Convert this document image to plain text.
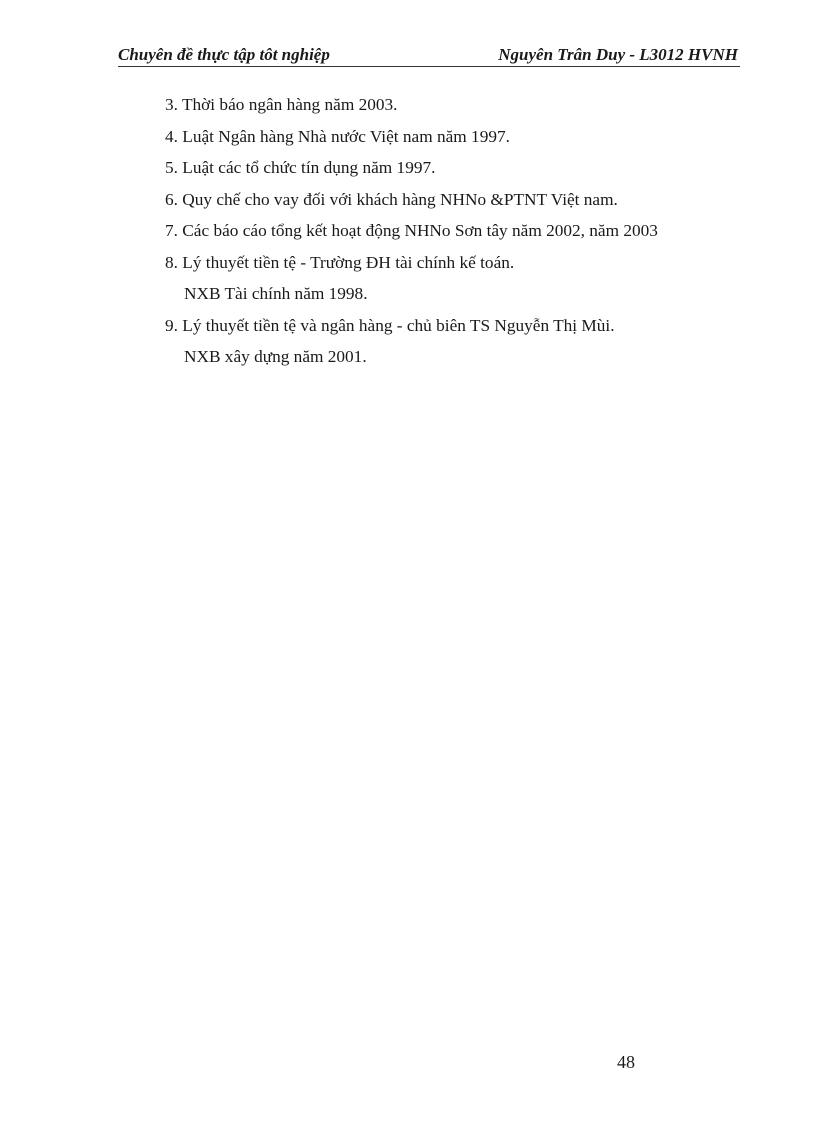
Chuyên đề thực tập tôt nghiệp	Nguyên Trân Duy - L3012 HVNH
3. Thời báo ngân hàng năm 2003.
4. Luật Ngân hàng Nhà nước Việt nam năm 1997.
5. Luật các tổ chức tín dụng năm 1997.
6. Quy chế cho vay đối với khách hàng NHNo &PTNT Việt nam.
7. Các báo cáo tổng kết hoạt động NHNo Sơn tây năm 2002, năm 2003
8. Lý thuyết tiền tệ - Trường ĐH tài chính kế toán.
NXB Tài chính năm 1998.
9. Lý thuyết tiền tệ và ngân hàng - chủ biên TS Nguyễn Thị Mùi.
NXB xây dựng năm 2001.
48
